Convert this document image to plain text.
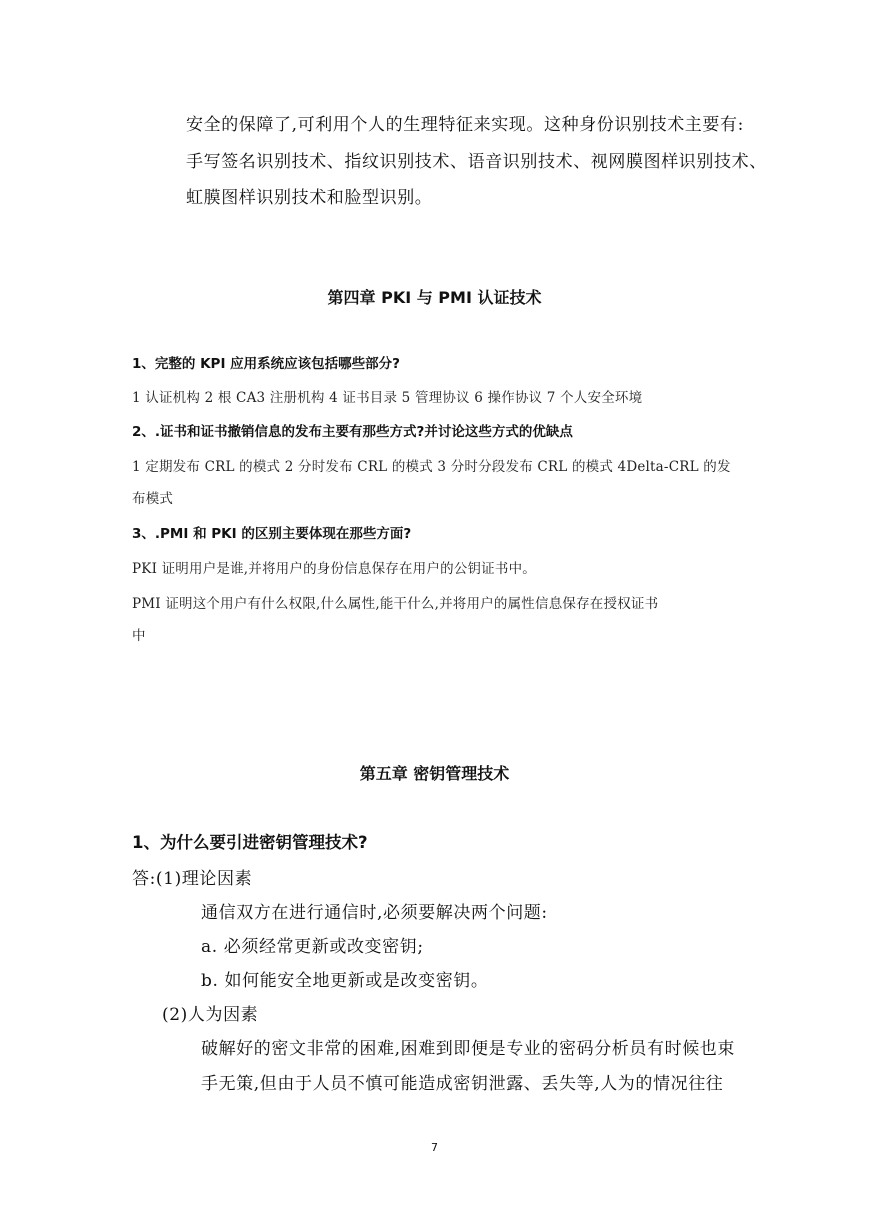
安全的保障了,可利用个人的生理特征来实现。这种身份识别技术主要有:
手写签名识别技术、指纹识别技术、语音识别技术、视网膜图样识别技术、
虹膜图样识别技术和脸型识别。
第四章 PKI 与 PMI 认证技术
1、完整的 KPI 应用系统应该包括哪些部分?
1 认证机构 2 根 CA3 注册机构 4 证书目录 5 管理协议 6 操作协议 7 个人安全环境
2、.证书和证书撤销信息的发布主要有那些方式?并讨论这些方式的优缺点
1 定期发布 CRL 的模式 2 分时发布 CRL 的模式 3 分时分段发布 CRL 的模式 4Delta-CRL 的发
布模式
3、.PMI 和 PKI 的区别主要体现在那些方面?
PKI 证明用户是谁,并将用户的身份信息保存在用户的公钥证书中。
PMI 证明这个用户有什么权限,什么属性,能干什么,并将用户的属性信息保存在授权证书
中
第五章 密钥管理技术
1、为什么要引进密钥管理技术?
答:(1)理论因素
通信双方在进行通信时,必须要解决两个问题:
a. 必须经常更新或改变密钥;
b. 如何能安全地更新或是改变密钥。
(2)人为因素
破解好的密文非常的困难,困难到即便是专业的密码分析员有时候也束
手无策,但由于人员不慎可能造成密钥泄露、丢失等,人为的情况往往
7
